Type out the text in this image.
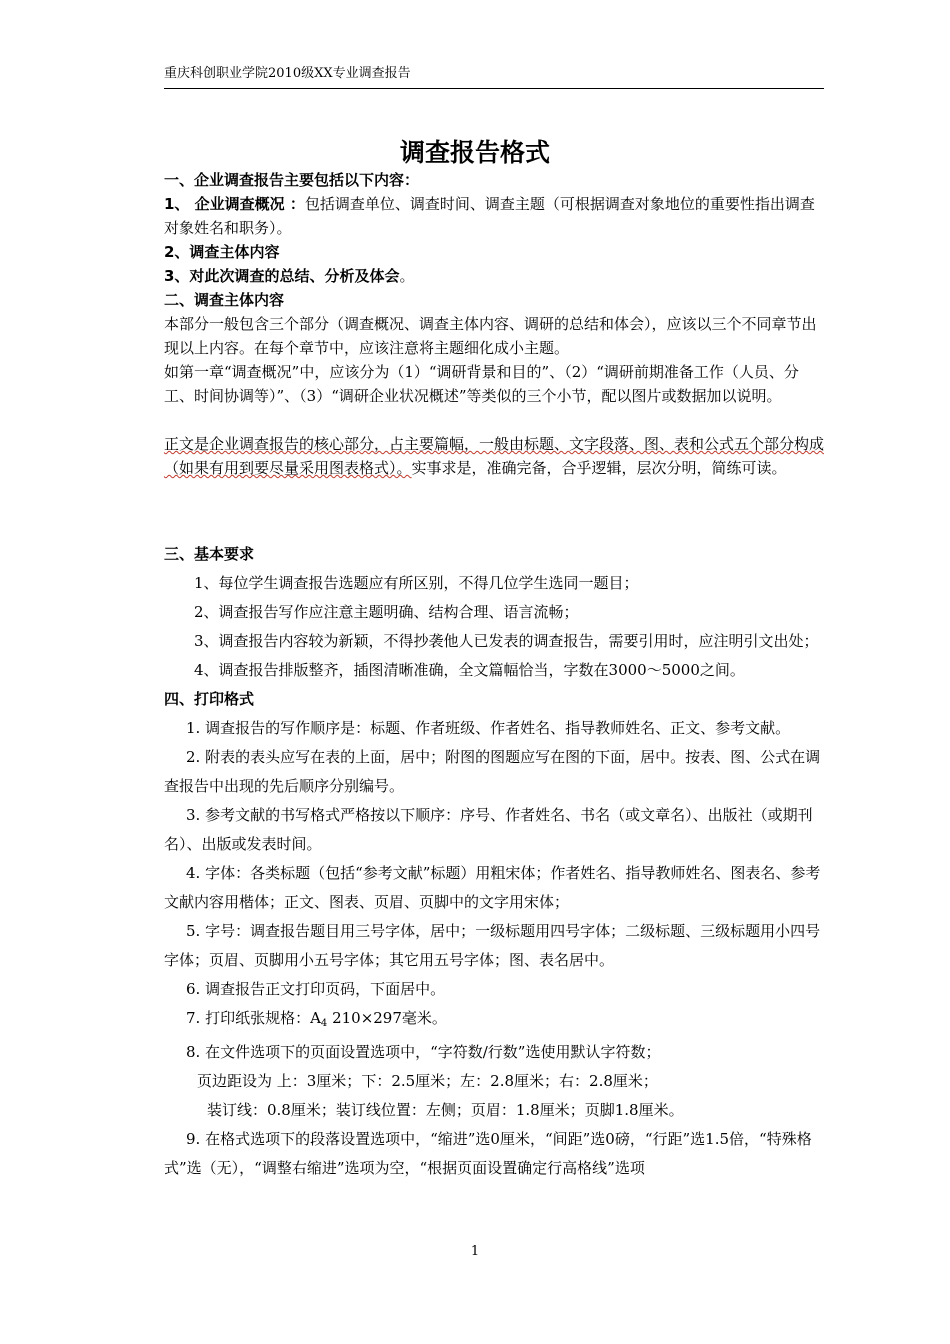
重庆科创职业学院2010级XX专业调查报告
调查报告格式

一、企业调查报告主要包括以下内容：

1、 企业调查概况 ：包括调查单位、调查时间、调查主题（可根据调查对象地位的重要性指出调查对象姓名和职务）。

2、调查主体内容

3、对此次调查的总结、分析及体会。

二、调查主体内容

本部分一般包含三个部分（调查概况、调查主体内容、调研的总结和体会），应该以三个不同章节出现以上内容。在每个章节中，应该注意将主题细化成小主题。

如第一章“调查概况”中，应该分为（1）“调研背景和目的”、（2）“调研前期准备工作（人员、分工、时间协调等）”、（3）“调研企业状况概述”等类似的三个小节，配以图片或数据加以说明。

正文是企业调查报告的核心部分，占主要篇幅，一般由标题、文字段落、图、表和公式五个部分构成（如果有用到要尽量采用图表格式）。实事求是，准确完备，合乎逻辑，层次分明，简练可读。

三、基本要求

1、每位学生调查报告选题应有所区别，不得几位学生选同一题目；

2、调查报告写作应注意主题明确、结构合理、语言流畅；

3、调查报告内容较为新颖，不得抄袭他人已发表的调查报告，需要引用时，应注明引文出处；

4、调查报告排版整齐，插图清晰准确，全文篇幅恰当，字数在3000～5000之间。

四、打印格式

1. 调查报告的写作顺序是：标题、作者班级、作者姓名、指导教师姓名、正文、参考文献。

2. 附表的表头应写在表的上面，居中；附图的图题应写在图的下面，居中。按表、图、公式在调查报告中出现的先后顺序分别编号。

3. 参考文献的书写格式严格按以下顺序：序号、作者姓名、书名（或文章名）、出版社（或期刊名）、出版或发表时间。

4. 字体：各类标题（包括“参考文献”标题）用粗宋体；作者姓名、指导教师姓名、图表名、参考文献内容用楷体；正文、图表、页眉、页脚中的文字用宋体；

5. 字号：调查报告题目用三号字体，居中；一级标题用四号字体；二级标题、三级标题用小四号字体；页眉、页脚用小五号字体；其它用五号字体；图、表名居中。

6. 调查报告正文打印页码，下面居中。

7. 打印纸张规格：$A_4$ 210×297毫米。

8. 在文件选项下的页面设置选项中，“字符数/行数”选使用默认字符数；

页边距设为 上：3厘米；下：2.5厘米；左：2.8厘米；右：2.8厘米；

装订线：0.8厘米；装订线位置：左侧；页眉：1.8厘米；页脚1.8厘米。

9. 在格式选项下的段落设置选项中，“缩进”选0厘米，“间距”选0磅，“行距”选1.5倍，“特殊格式”选（无），“调整右缩进”选项为空，“根据页面设置确定行高格线”选项

1
